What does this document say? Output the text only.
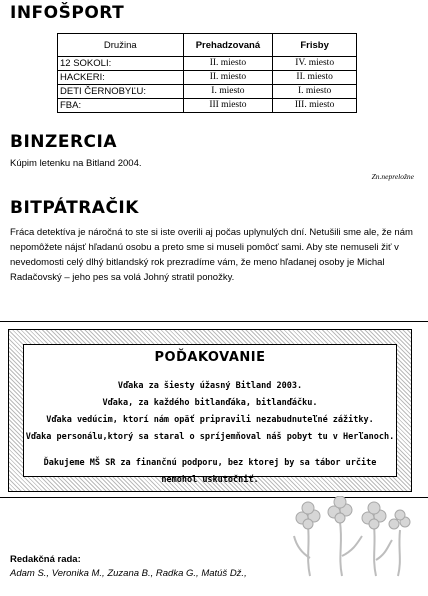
INFOŠPORT
Družina	Prehadzovaná	Frisby
12 SOKOLI:	II. miesto	IV. miesto
HACKERI:	II. miesto	II. miesto
DETI ČERNOBYĽU:	I. miesto	I. miesto
FBA:	III miesto	III. miesto
BINZERCIA
Kúpim letenku na Bitland 2004.
Zn.nepreložne
BITPÁTRAČIK

Fráca detektíva je náročná to ste si iste overili aj počas uplynulých dní. Netušili sme ale, že nám nepomôžete nájsť hľadanú osobu a preto sme si museli pomôcť sami. Aby ste nemuseli žiť v nevedomosti celý dlhý bitlandský rok prezradíme vám, že meno hľadanej osoby je Michal Radačovský – jeho pes sa volá Johný stratil ponožky.

POĎAKOVANIE

Vďaka za šiesty úžasný Bitland 2003.

Vďaka, za každého bitlanďáka, bitlanďáčku.

Vďaka vedúcim, ktorí nám opäť pripravili nezabudnuteľné zážitky.

Vďaka personálu,ktorý sa staral o spríjemňoval náš pobyt tu v Herľanoch.

Ďakujeme MŠ SR za finančnú podporu, bez ktorej by sa tábor určite

nemohol uskutočniť.

Redakčná rada:
Adam S., Veronika M., Zuzana B., Radka G., Matúš Dž.,
